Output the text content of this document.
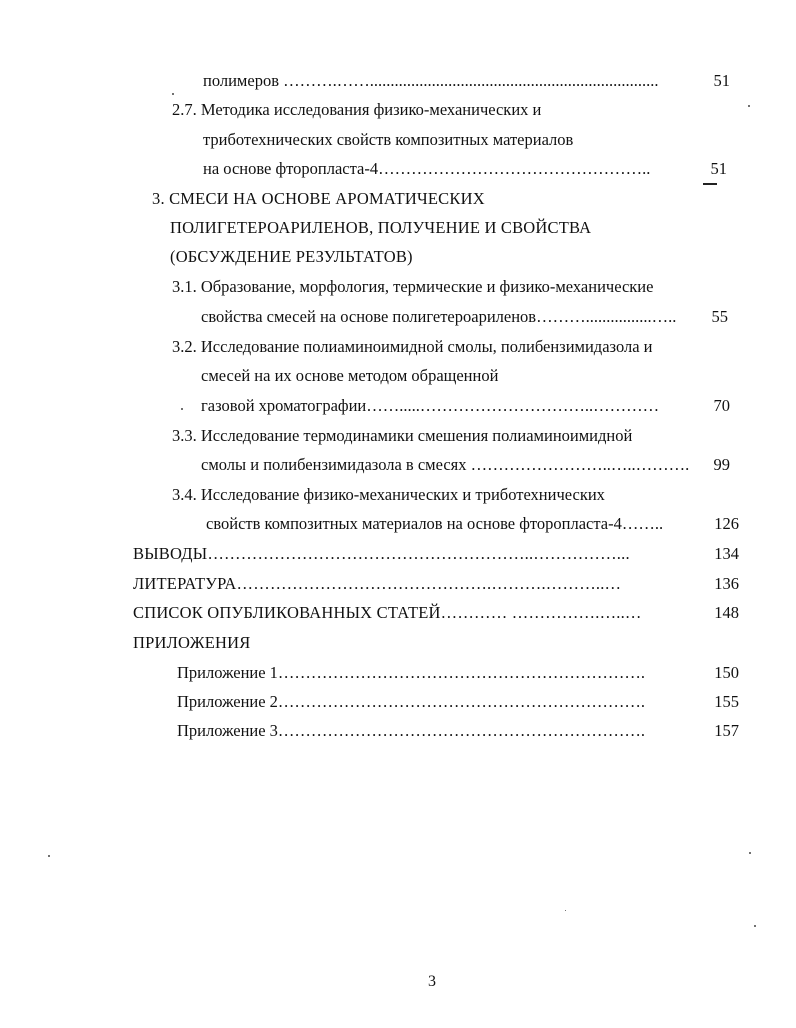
полимеров ……….……......................................................................	51
2.7. Методика исследования физико-механических и
триботехнических свойств композитных материалов
на основе фторопласта-4…………………………………………..	51
3. СМЕСИ НА ОСНОВЕ АРОМАТИЧЕСКИХ
ПОЛИГЕТЕРОАРИЛЕНОВ, ПОЛУЧЕНИЕ И СВОЙСТВА
(ОБСУЖДЕНИЕ РЕЗУЛЬТАТОВ)
3.1. Образование, морфология, термические и физико-механические
свойства смесей на основе полигетероариленов………................…..	55
3.2. Исследование полиаминоимидной смолы, полибензимидазола и
смесей на их основе методом обращенной
газовой хроматографии…….....…………………………..…………	70
3.3. Исследование термодинамики смешения полиаминоимидной
смолы и полибензимидазола в смесях ……………………..…..……….	99
3.4. Исследование физико-механических и триботехнических
свойств композитных материалов на основе фторопласта-4……..	126
ВЫВОДЫ…………………………………………………..……………...	134
ЛИТЕРАТУРА……………………………………….……….………..…	136
СПИСОК ОПУБЛИКОВАННЫХ СТАТЕЙ………… …………….…..…	148
ПРИЛОЖЕНИЯ
Приложение 1………………………………………………………….	150
Приложение 2………………………………………………………….	155
Приложение 3………………………………………………………….	157
3
